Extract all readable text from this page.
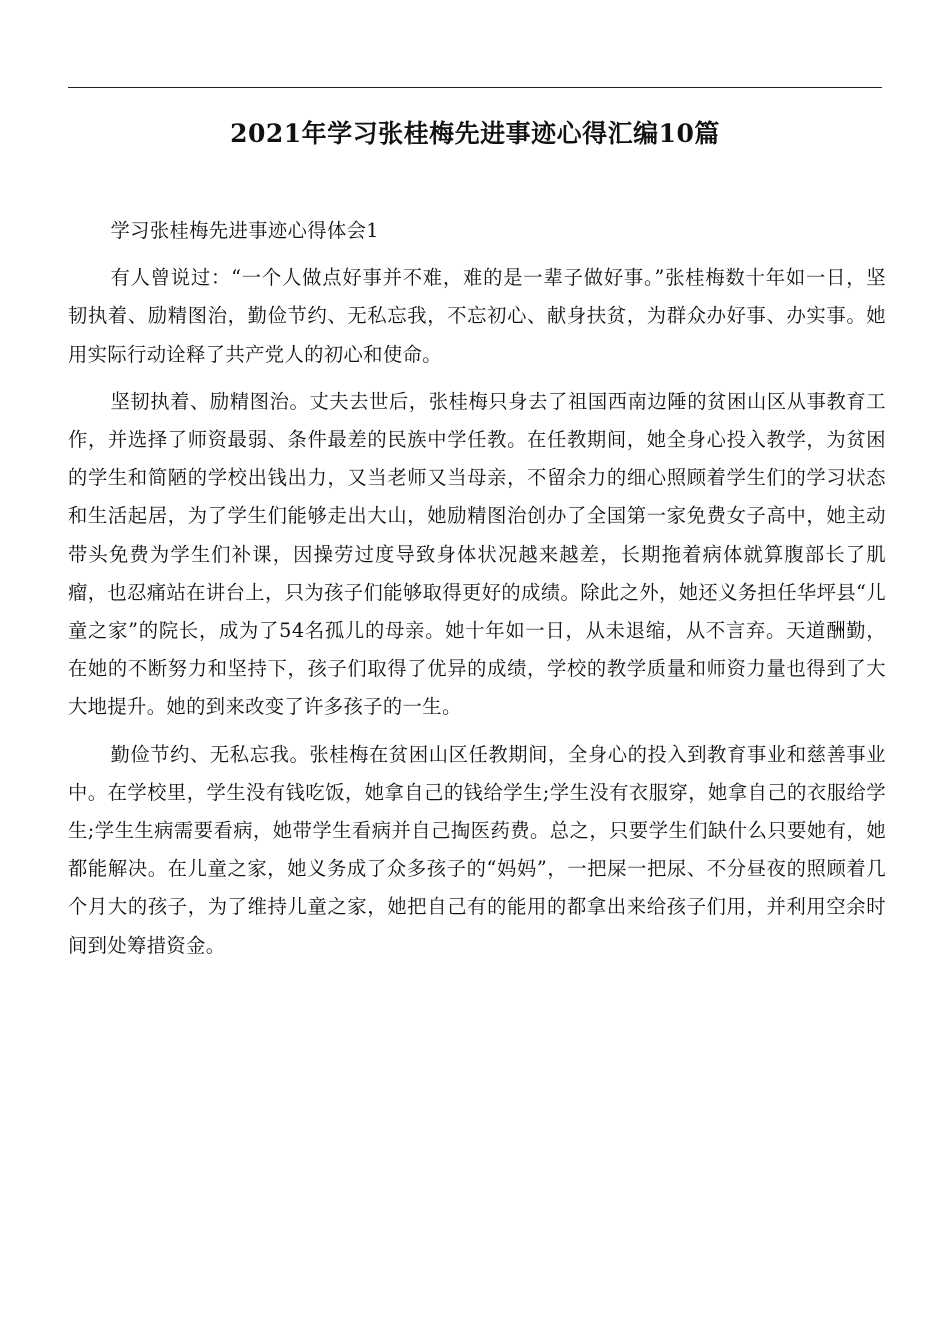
2021年学习张桂梅先进事迹心得汇编10篇

学习张桂梅先进事迹心得体会1

有人曾说过：“一个人做点好事并不难，难的是一辈子做好事。”张桂梅数十年如一日，坚韧执着、励精图治，勤俭节约、无私忘我，不忘初心、献身扶贫，为群众办好事、办实事。她用实际行动诠释了共产党人的初心和使命。

坚韧执着、励精图治。丈夫去世后，张桂梅只身去了祖国西南边陲的贫困山区从事教育工作，并选择了师资最弱、条件最差的民族中学任教。在任教期间，她全身心投入教学，为贫困的学生和简陋的学校出钱出力，又当老师又当母亲，不留余力的细心照顾着学生们的学习状态和生活起居，为了学生们能够走出大山，她励精图治创办了全国第一家免费女子高中，她主动带头免费为学生们补课，因操劳过度导致身体状况越来越差，长期拖着病体就算腹部长了肌瘤，也忍痛站在讲台上，只为孩子们能够取得更好的成绩。除此之外，她还义务担任华坪县“儿童之家”的院长，成为了54名孤儿的母亲。她十年如一日，从未退缩，从不言弃。天道酬勤，在她的不断努力和坚持下，孩子们取得了优异的成绩，学校的教学质量和师资力量也得到了大大地提升。她的到来改变了许多孩子的一生。

勤俭节约、无私忘我。张桂梅在贫困山区任教期间，全身心的投入到教育事业和慈善事业中。在学校里，学生没有钱吃饭，她拿自己的钱给学生;学生没有衣服穿，她拿自己的衣服给学生;学生生病需要看病，她带学生看病并自己掏医药费。总之，只要学生们缺什么只要她有，她都能解决。在儿童之家，她义务成了众多孩子的“妈妈”，一把屎一把尿、不分昼夜的照顾着几个月大的孩子，为了维持儿童之家，她把自己有的能用的都拿出来给孩子们用，并利用空余时间到处筹措资金。
